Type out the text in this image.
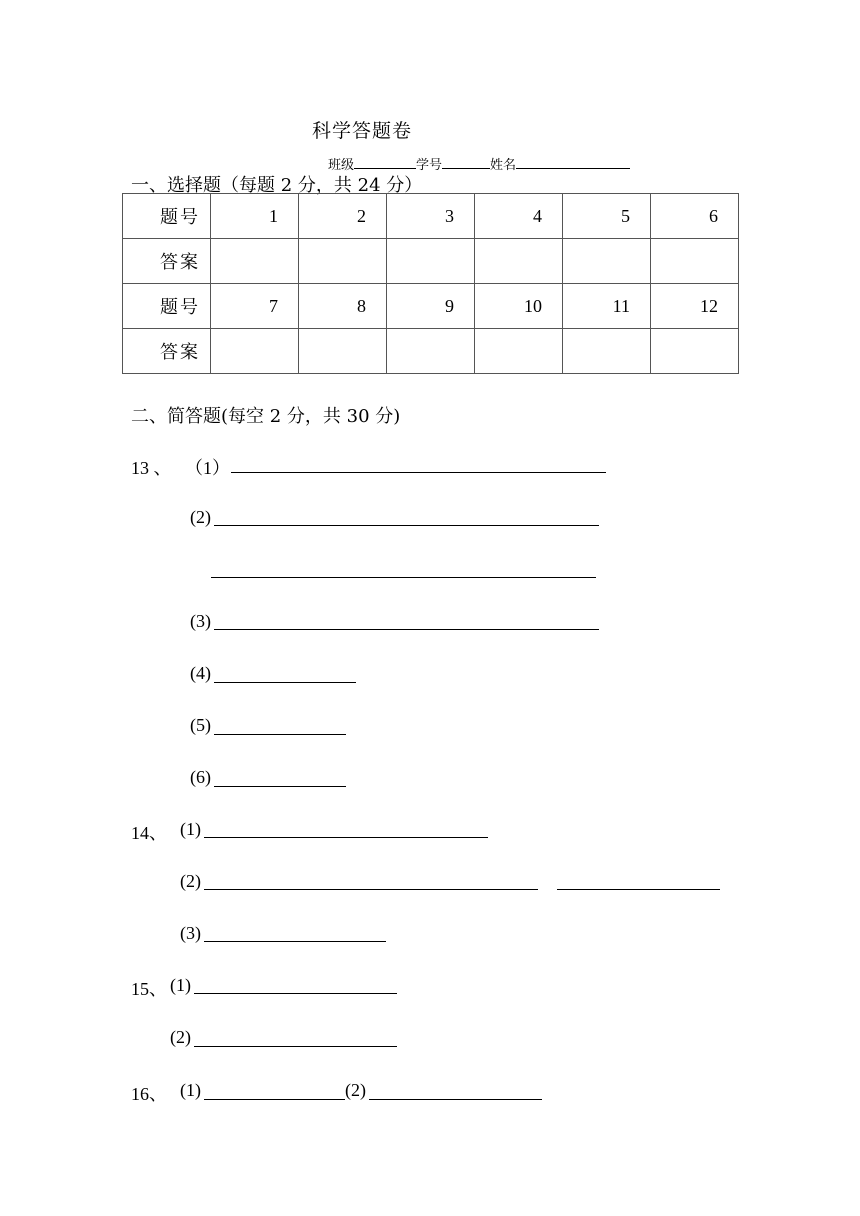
科学答题卷
班级	学号	姓名
一、选择题（每题 2 分，共 24 分）
题号	1	2	3	4	5	6
答案						
题号	7	8	9	10	11	12
答案						
二、简答题(每空 2 分，共 30 分)
13 、 （1）
(2)
(3)
(4)
(5)
(6)
14、 (1)
(2)
(3)
15、 (1)
(2)
16、 (1)	(2)
